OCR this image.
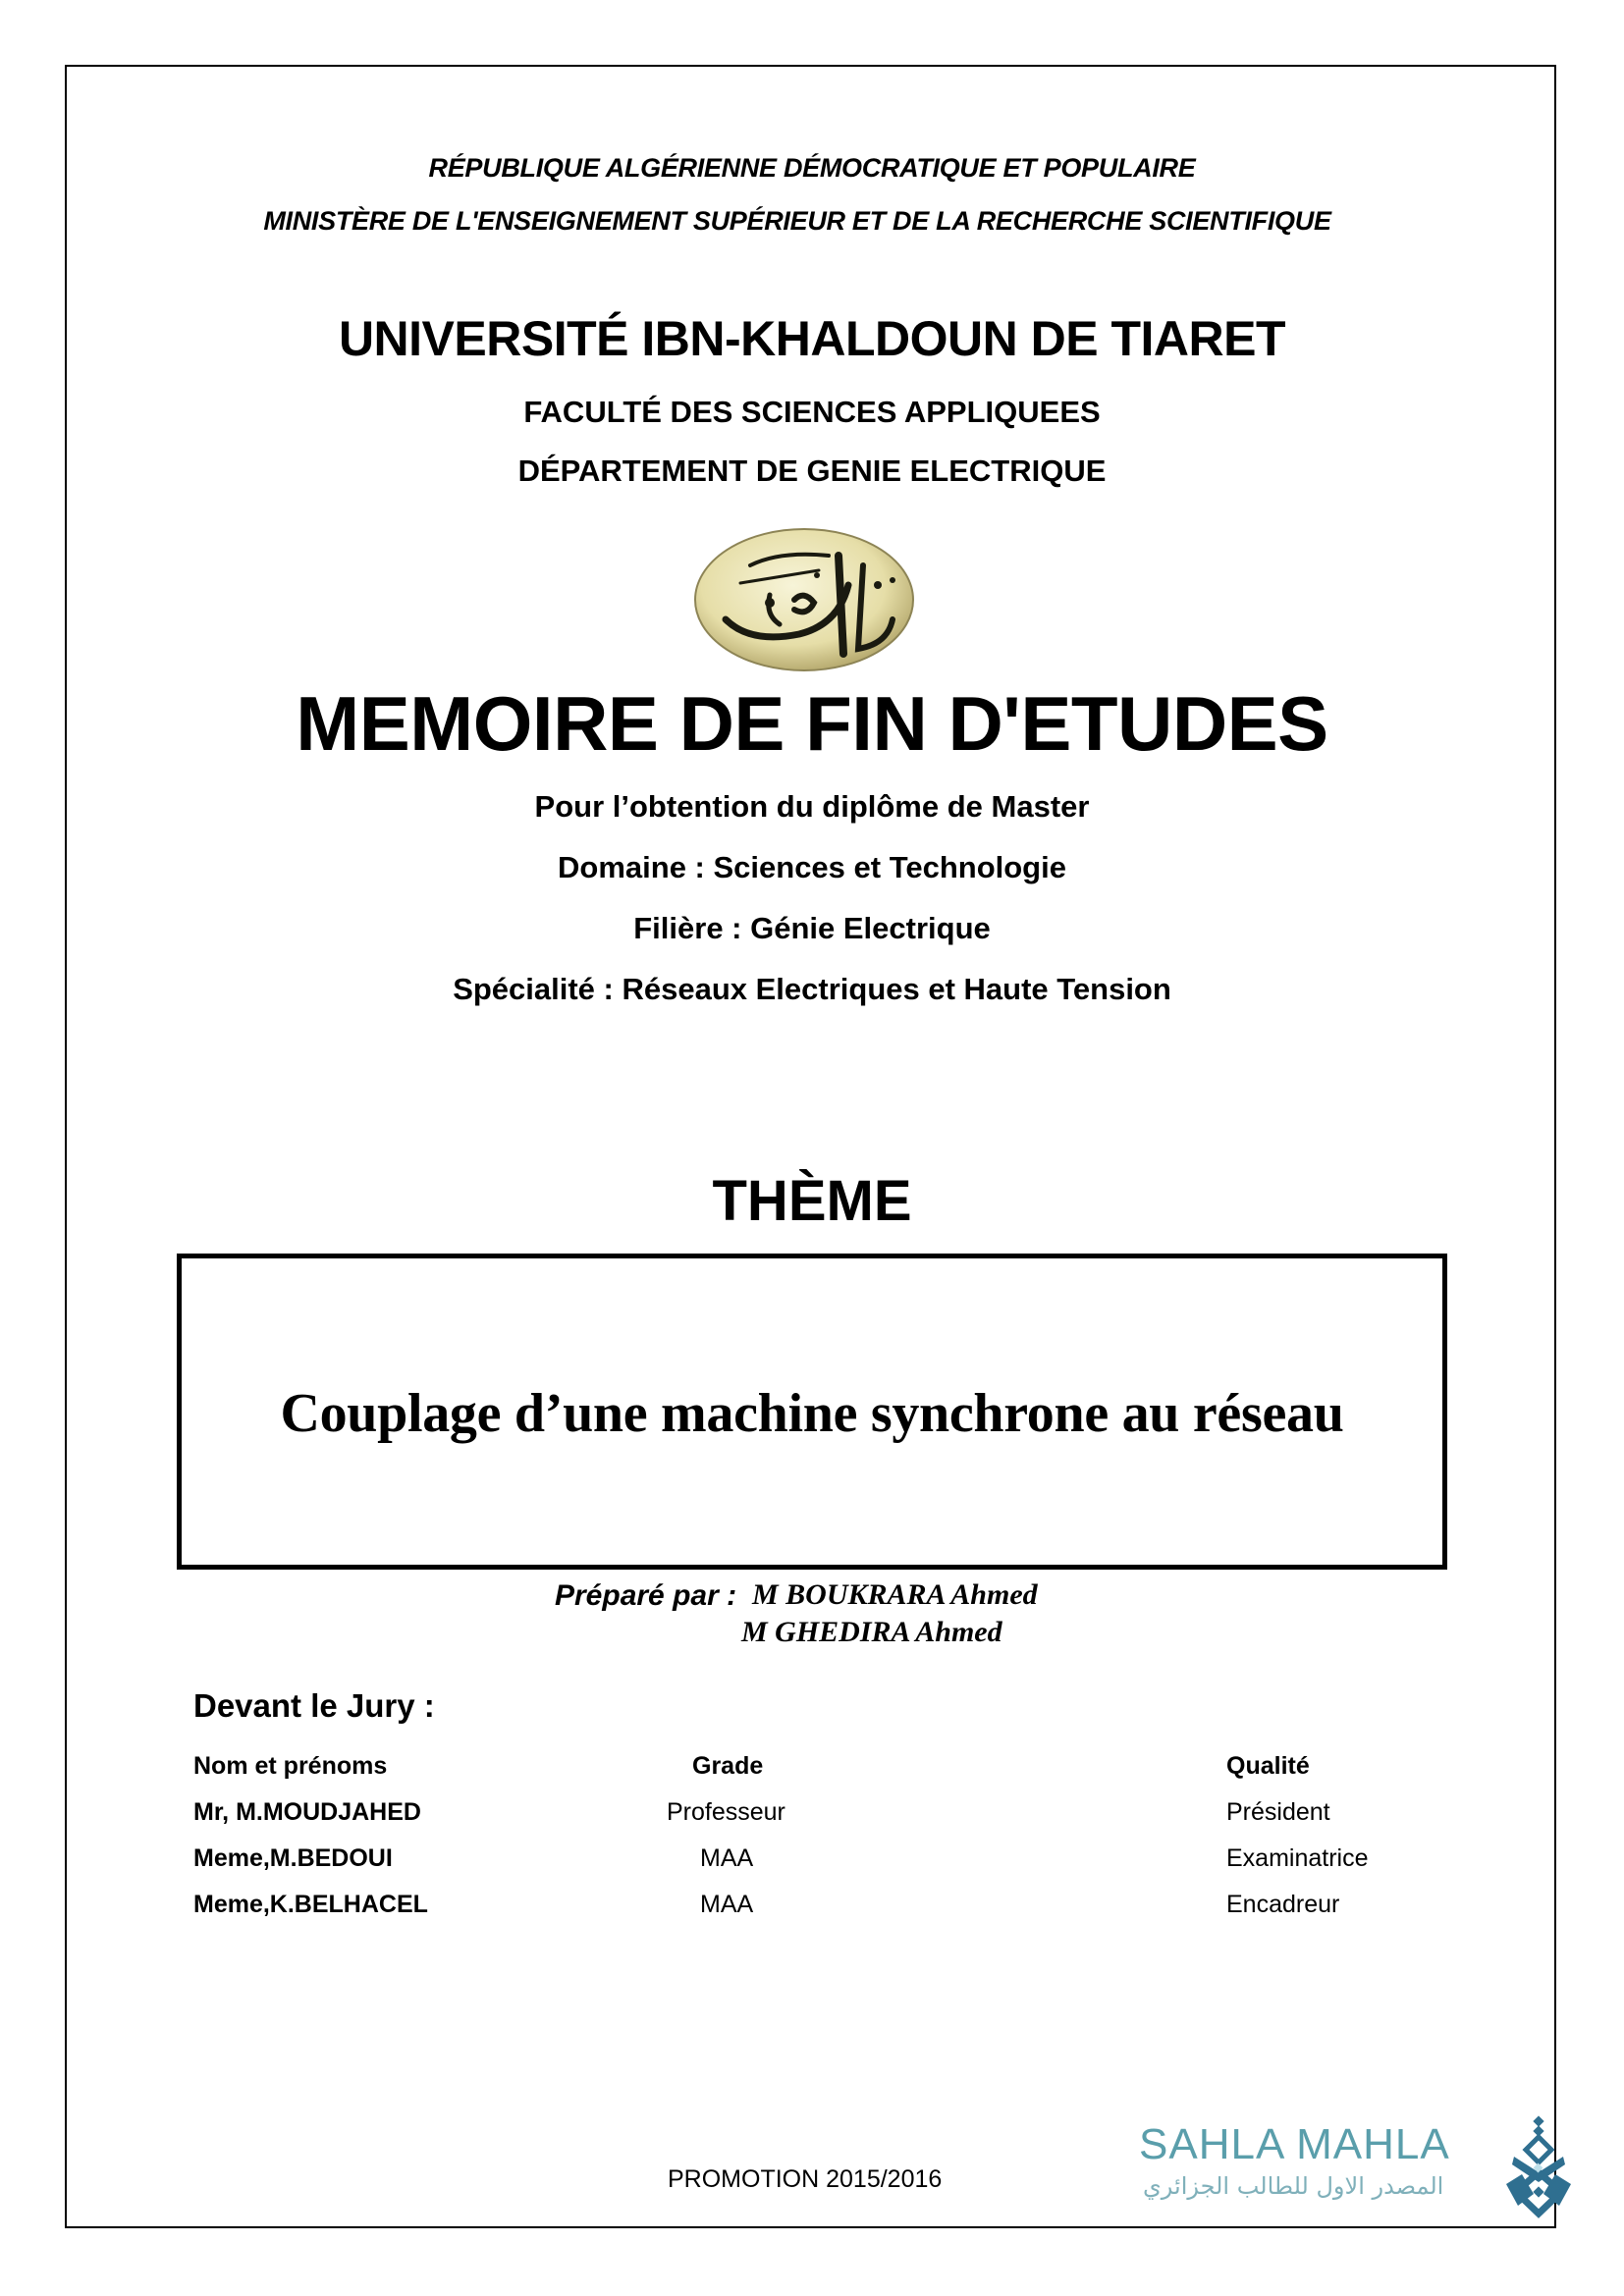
RÉPUBLIQUE ALGÉRIENNE DÉMOCRATIQUE ET POPULAIRE
MINISTÈRE DE L'ENSEIGNEMENT SUPÉRIEUR ET DE LA RECHERCHE SCIENTIFIQUE
UNIVERSITÉ IBN-KHALDOUN DE TIARET
FACULTÉ DES SCIENCES APPLIQUEES
DÉPARTEMENT DE GENIE ELECTRIQUE
MEMOIRE DE FIN D'ETUDES
Pour l’obtention du diplôme de Master
Domaine : Sciences et Technologie
Filière : Génie Electrique
Spécialité : Réseaux Electriques et Haute Tension
THÈME
Couplage d’une machine synchrone au réseau
Préparé par : M BOUKRARA Ahmed
M GHEDIRA Ahmed
Devant le Jury :
Nom et prénoms	Grade	Qualité
Mr, M.MOUDJAHED	Professeur	Président
Meme,M.BEDOUI	MAA	Examinatrice
Meme,K.BELHACEL	MAA	Encadreur
PROMOTION 2015/2016
SAHLA MAHLA
المصدر الاول للطالب الجزائري
